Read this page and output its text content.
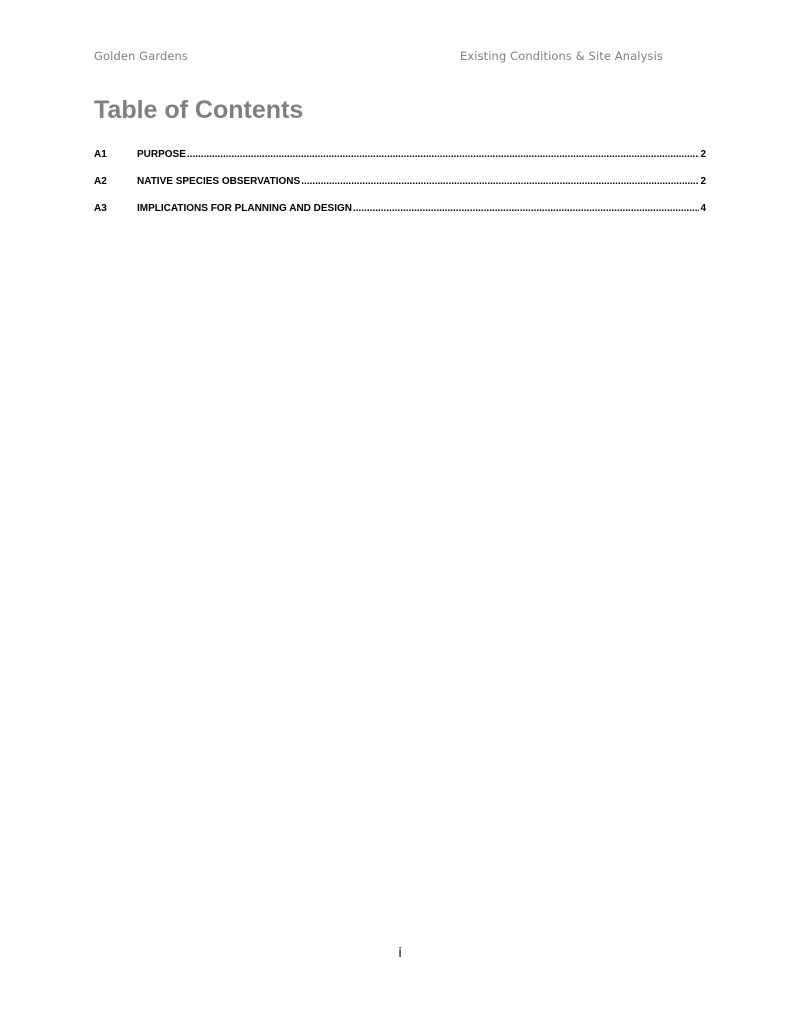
Golden Gardens	Existing Conditions & Site Analysis
Table of Contents
A1	PURPOSE .....	2
A2	NATIVE SPECIES OBSERVATIONS .....	2
A3	IMPLICATIONS FOR PLANNING AND DESIGN .....	4
i
